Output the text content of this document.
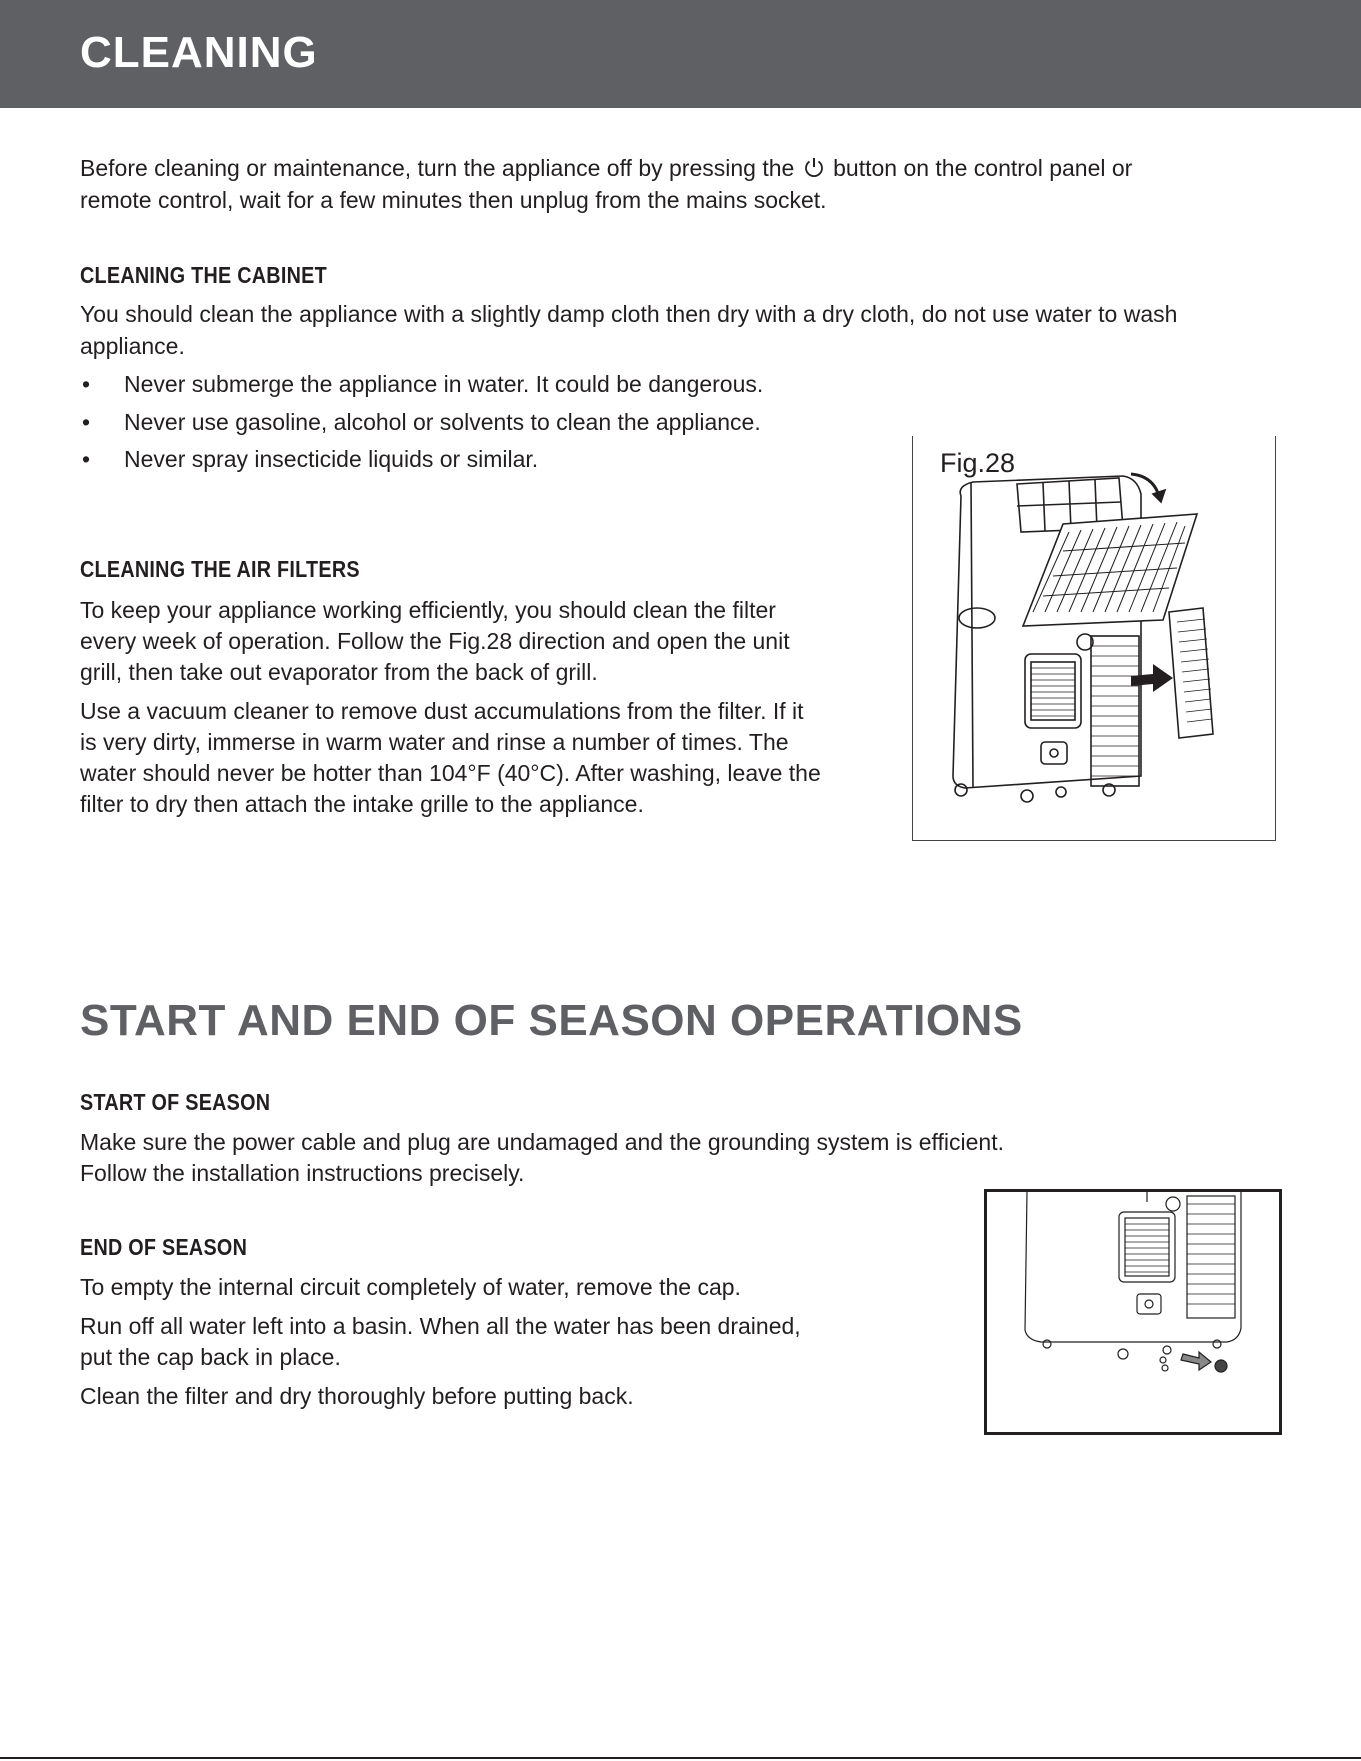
CLEANING

Before cleaning or maintenance, turn the appliance off by pressing the button on the control panel or

remote control, wait for a few minutes then unplug from the mains socket.

CLEANING THE CABINET

You should clean the appliance with a slightly damp cloth then dry with a dry cloth, do not use water to wash

appliance.

• Never submerge the appliance in water. It could be dangerous.
• Never use gasoline, alcohol or solvents to clean the appliance.
• Never spray insecticide liquids or similar.
CLEANING THE AIR FILTERS

To keep your appliance working efficiently, you should clean the filter

every week of operation. Follow the Fig.28 direction and open the unit

grill, then take out evaporator from the back of grill.

Use a vacuum cleaner to remove dust accumulations from the filter. If it

is very dirty, immerse in warm water and rinse a number of times. The

water should never be hotter than 104°F (40°C). After washing, leave the

filter to dry then attach the intake grille to the appliance.

Fig.28
START AND END OF SEASON OPERATIONS
START OF SEASON

Make sure the power cable and plug are undamaged and the grounding system is efficient.

Follow the installation instructions precisely.

END OF SEASON

To empty the internal circuit completely of water, remove the cap.

Run off all water left into a basin. When all the water has been drained,

put the cap back in place.

Clean the filter and dry thoroughly before putting back.
